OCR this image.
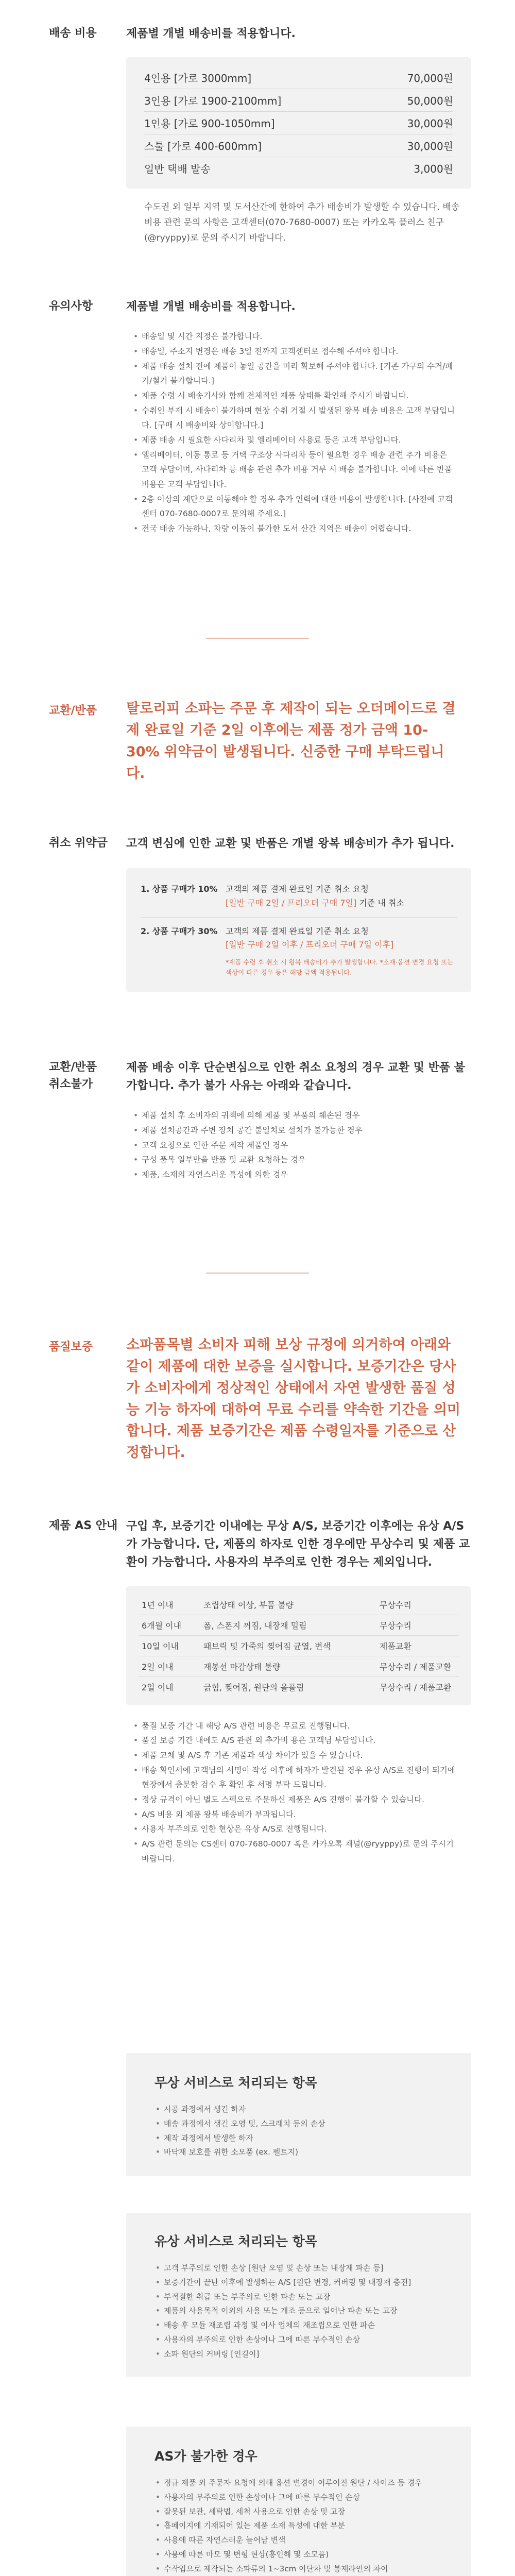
배송 비용	제품별 개별 배송비를 적용합니다.
4인용 [가로 3000mm]	70,000원
3인용 [가로 1900-2100mm]	50,000원
1인용 [가로 900-1050mm]	30,000원
스툴 [가로 400-600mm]	30,000원
일반 택배 발송	3,000원
수도권 외 일부 지역 및 도서산간에 한하여 추가 배송비가 발생할 수 있습니다. 배송 비용 관련 문의 사항은 고객센터(070-7680-0007) 또는 카카오톡 플러스 친구(@ryyppy)로 문의 주시기 바랍니다.
유의사항	제품별 개별 배송비를 적용합니다.
• 배송일 및 시간 지정은 불가합니다.
• 배송일, 주소지 변경은 배송 3일 전까지 고객센터로 접수해 주셔야 합니다.
• 제품 배송 설치 전에 제품이 놓일 공간을 미리 확보해 주셔야 합니다. [기존 가구의 수거/폐기/철거 불가합니다.]
• 제품 수령 시 배송기사와 함께 전체적인 제품 상태를 확인해 주시기 바랍니다.
• 수취인 부재 시 배송이 불가하며 현장 수취 거절 시 발생된 왕복 배송 비용은 고객 부담입니다. [구매 시 배송비와 상이합니다.]
• 제품 배송 시 필요한 사다리차 및 엘리베이터 사용료 등은 고객 부담입니다.
• 엘리베이터, 이동 통로 등 거택 구조상 사다리차 등이 필요한 경우 배송 관련 추가 비용은 고객 부담이며, 사다리차 등 배송 관련 추가 비용 거부 시 배송 불가합니다. 이에 따른 반품 비용은 고객 부담입니다.
• 2층 이상의 계단으로 이동해야 할 경우 추가 인력에 대한 비용이 발생합니다. [사전에 고객센터 070-7680-0007로 문의해 주세요.]
• 전국 배송 가능하나, 차량 이동이 불가한 도서 산간 지역은 배송이 어렵습니다.
교환/반품 탈로리피 소파는 주문 후 제작이 되는 오더메이드로 결제 완료일 기준 2일 이후에는 제품 정가 금액 10-30% 위약금이 발생됩니다. 신중한 구매 부탁드립니다.
취소 위약금 고객 변심에 인한 교환 및 반품은 개별 왕복 배송비가 추가 됩니다.
1. 상품 구매가 10% 고객의 제품 결제 완료일 기준 취소 요청
[일반 구매 2일 / 프리오더 구매 7일] 기준 내 취소
2. 상품 구매가 30% 고객의 제품 결제 완료일 기준 취소 요청
[일반 구매 2일 이후 / 프리오더 구매 7일 이후]
*제품 수령 후 취소 시 왕복 배송비가 추가 발생합니다. *소재·옵션 변경 요청 또는 색상이 다른 경우 등은 해당 금액 적용됩니다.
교환/반품
취소불가
제품 배송 이후 단순변심으로 인한 취소 요청의 경우 교환 및 반품 불가합니다. 추가 불가 사유는 아래와 같습니다.
• 제품 설치 후 소비자의 귀책에 의해 제품 및 부품의 훼손된 경우
• 제품 설치공간과 주변 장치 공간 불일치로 설치가 불가능한 경우
• 고객 요청으로 인한 주문 제작 제품인 경우
• 구성 품목 일부만을 반품 및 교환 요청하는 경우
• 제품, 소재의 자연스러운 특성에 의한 경우
품질보증 소파품목별 소비자 피해 보상 규정에 의거하여 아래와 같이 제품에 대한 보증을 실시합니다. 보증기간은 당사가 소비자에게 정상적인 상태에서 자연 발생한 품질 성능 기능 하자에 대하여 무료 수리를 약속한 기간을 의미합니다. 제품 보증기간은 제품 수령일자를 기준으로 산정합니다.
제품 AS 안내 구입 후, 보증기간 이내에는 무상 A/S, 보증기간 이후에는 유상 A/S가 가능합니다. 단, 제품의 하자로 인한 경우에만 무상수리 및 제품 교환이 가능합니다. 사용자의 부주의로 인한 경우는 제외입니다.
1년 이내	조립상태 이상, 부품 불량	무상수리
6개월 이내	폼, 스폰지 꺼짐, 내장재 밀림	무상수리
10일 이내	패브릭 및 가죽의 찢어짐 균열, 변색	제품교환
2일 이내	재봉선 마감상태 불량	무상수리 / 제품교환
2일 이내	긁힘, 찢어짐, 원단의 올풀림	무상수리 / 제품교환
• 품질 보증 기간 내 해당 A/S 관련 비용은 무료로 진행됩니다.
• 품질 보증 기간 내에도 A/S 관련 외 추가비 용은 고객님 부담입니다.
• 제품 교체 및 A/S 후 기존 제품과 색상 차이가 있을 수 있습니다.
• 배송 확인서에 고객님의 서명이 작성 이후에 하자가 발견된 경우 유상 A/S로 진행이 되기에 현장에서 충분한 검수 후 확인 후 서명 부탁 드립니다.
• 정상 규격이 아닌 별도 스펙으로 주문하신 제품은 A/S 진행이 불가할 수 있습니다.
• A/S 비용 외 제품 왕복 배송비가 부과됩니다.
• 사용자 부주의로 인한 현상은 유상 A/S로 진행됩니다.
• A/S 관련 문의는 CS센터 070-7680-0007 혹은 카카오톡 채널(@ryyppy)로 문의 주시기 바랍니다.
무상 서비스로 처리되는 항목
• 시공 과정에서 생긴 하자
• 배송 과정에서 생긴 오염 및, 스크래치 등의 손상
• 제작 과정에서 발생한 하자
• 바닥재 보호를 위한 소모품 (ex. 펠트지)
유상 서비스로 처리되는 항목
• 고객 부주의로 인한 손상 [원단 오염 및 손상 또는 내장재 파손 등]
• 보증기간이 끝난 이후에 발생하는 A/S [원단 변경, 커버링 및 내장재 충전]
• 부적절한 취급 또는 부주의로 인한 파손 또는 고장
• 제품의 사용목적 이외의 사용 또는 개조 등으로 일어난 파손 또는 고장
• 배송 후 모듈 재조립 과정 및 이사 업체의 재조립으로 인한 파손
• 사용자의 부주의로 인한 손상이나 그에 따른 부수적인 손상
• 소파 원단의 커버링 [인길이]
AS가 불가한 경우
• 정규 제품 외 주문자 요청에 의해 옵션 변경이 이루어진 원단 / 사이즈 등 경우
• 사용자의 부주의로 인한 손상이나 그에 따른 부수적인 손상
• 잘못된 보관, 세탁법, 세척 사용으로 인한 손상 및 고장
• 흡페이지에 기재되어 있는 제품 소재 특성에 대한 부분
• 사용에 따른 자연스러운 늘어남 변색
• 사용에 따른 마모 및 변형 현상(흥인해 및 소모품)
• 수작업으로 제작되는 소파류의 1~3cm 이단차 및 봉제라인의 차이
